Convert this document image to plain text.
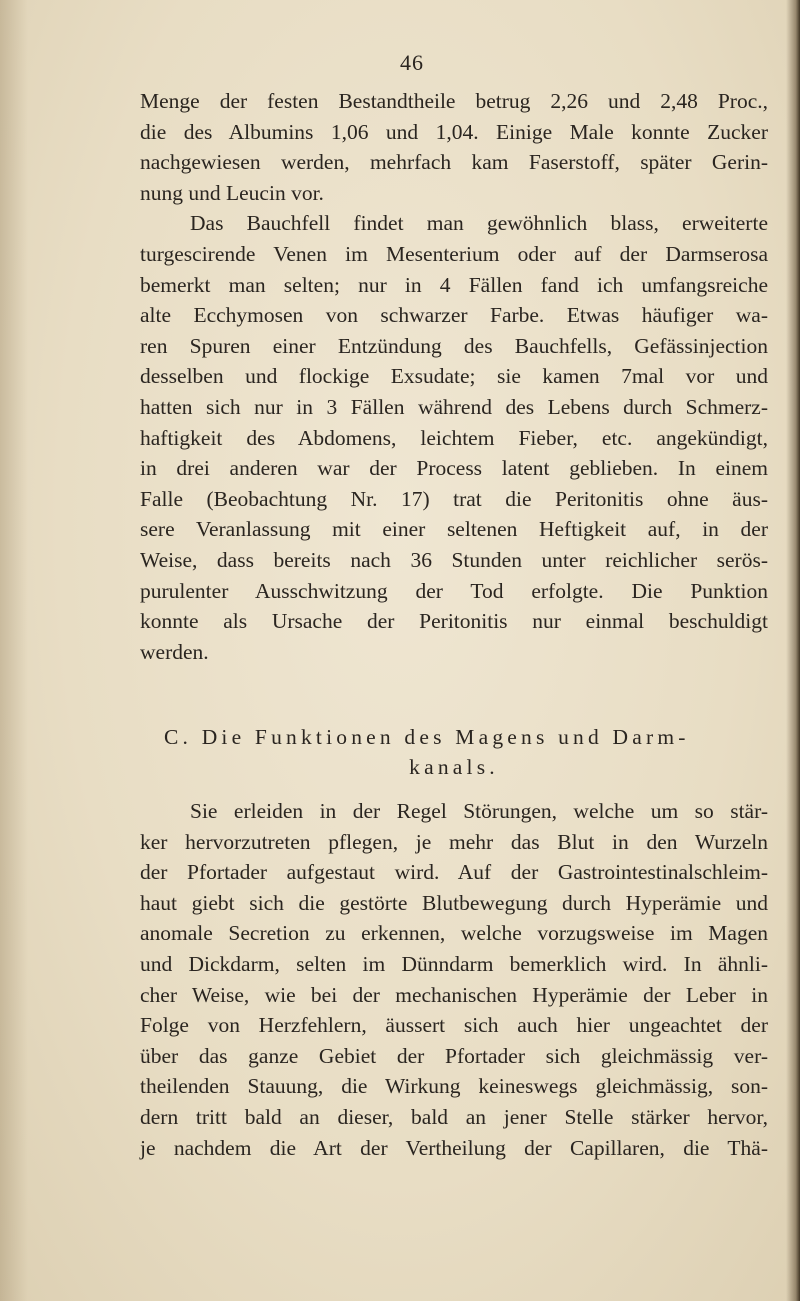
46
Menge der festen Bestandtheile betrug 2,26 und 2,48 Proc.,
die des Albumins 1,06 und 1,04. Einige Male konnte Zucker
nachgewiesen werden, mehrfach kam Faserstoff, später Gerin-
nung und Leucin vor.
Das Bauchfell findet man gewöhnlich blass, erweiterte
turgescirende Venen im Mesenterium oder auf der Darmserosa
bemerkt man selten; nur in 4 Fällen fand ich umfangsreiche
alte Ecchymosen von schwarzer Farbe. Etwas häufiger wa-
ren Spuren einer Entzündung des Bauchfells, Gefässinjection
desselben und flockige Exsudate; sie kamen 7mal vor und
hatten sich nur in 3 Fällen während des Lebens durch Schmerz-
haftigkeit des Abdomens, leichtem Fieber, etc. angekündigt,
in drei anderen war der Process latent geblieben. In einem
Falle (Beobachtung Nr. 17) trat die Peritonitis ohne äus-
sere Veranlassung mit einer seltenen Heftigkeit auf, in der
Weise, dass bereits nach 36 Stunden unter reichlicher serös-
purulenter Ausschwitzung der Tod erfolgte. Die Punktion
konnte als Ursache der Peritonitis nur einmal beschuldigt
werden.
C. Die Funktionen des Magens und Darm-
kanals.
Sie erleiden in der Regel Störungen, welche um so stär-
ker hervorzutreten pflegen, je mehr das Blut in den Wurzeln
der Pfortader aufgestaut wird. Auf der Gastrointestinalschleim-
haut giebt sich die gestörte Blutbewegung durch Hyperämie und
anomale Secretion zu erkennen, welche vorzugsweise im Magen
und Dickdarm, selten im Dünndarm bemerklich wird. In ähnli-
cher Weise, wie bei der mechanischen Hyperämie der Leber in
Folge von Herzfehlern, äussert sich auch hier ungeachtet der
über das ganze Gebiet der Pfortader sich gleichmässig ver-
theilenden Stauung, die Wirkung keineswegs gleichmässig, son-
dern tritt bald an dieser, bald an jener Stelle stärker hervor,
je nachdem die Art der Vertheilung der Capillaren, die Thä-
